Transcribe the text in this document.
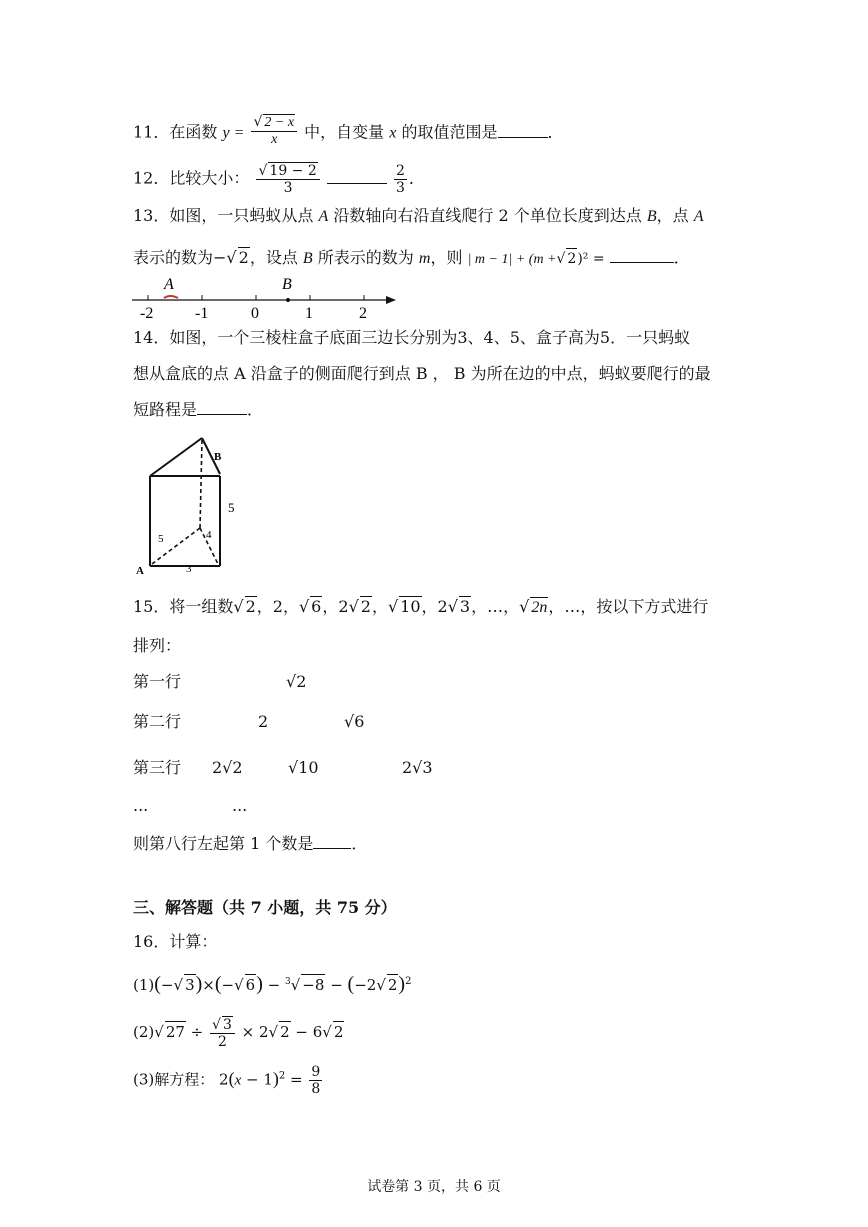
11．在函数 $y = \frac{√ 2 - x}{x}$ 中，自变量 x 的取值范围是	．
12．比较大小： $\frac{√ 19 - 2}{3}$
	$\frac{2}{3}$ ．
13．如图，一只蚂蚁从点 A 沿数轴向右沿直线爬行 2 个单位长度到达点 B，点 A
表示的数为−√ 2，设点 B 所表示的数为 m，则 | m − 1| + (m +√ 2)² =	．
-2	-1	0	1	2
A	B
14．如图，一个三棱柱盒子底面三边长分别为3、4、5、盒子高为5．一只蚂蚁
想从盒底的点 A 沿盒子的侧面爬行到点 B ， B 为所在边的中点，蚂蚁要爬行的最
短路程是	．
B
A
5
5	4
3
15．将一组数√ 2，2，√ 6，2√ 2，√ 10，2√ 3，…，√ 2n，…，按以下方式进行
排列：
第一行	√2
第二行	2	√6
第三行 2√2	√10	2√3
...	...
则第八行左起第 1 个数是 ．
三、解答题（共 7 小题，共 75 分）
16．计算：
(1)(−√ 3)×(−√ 6) − $^3$√ −8 − (−2√ 2)$^2$
(2)√ $27 \div \frac{√ 3}{2} \times 2√$ 2 − 6√ 2
(3)解方程： $2(x - 1)^2 = \frac{9}{8}$
试卷第 3 页，共 6 页
